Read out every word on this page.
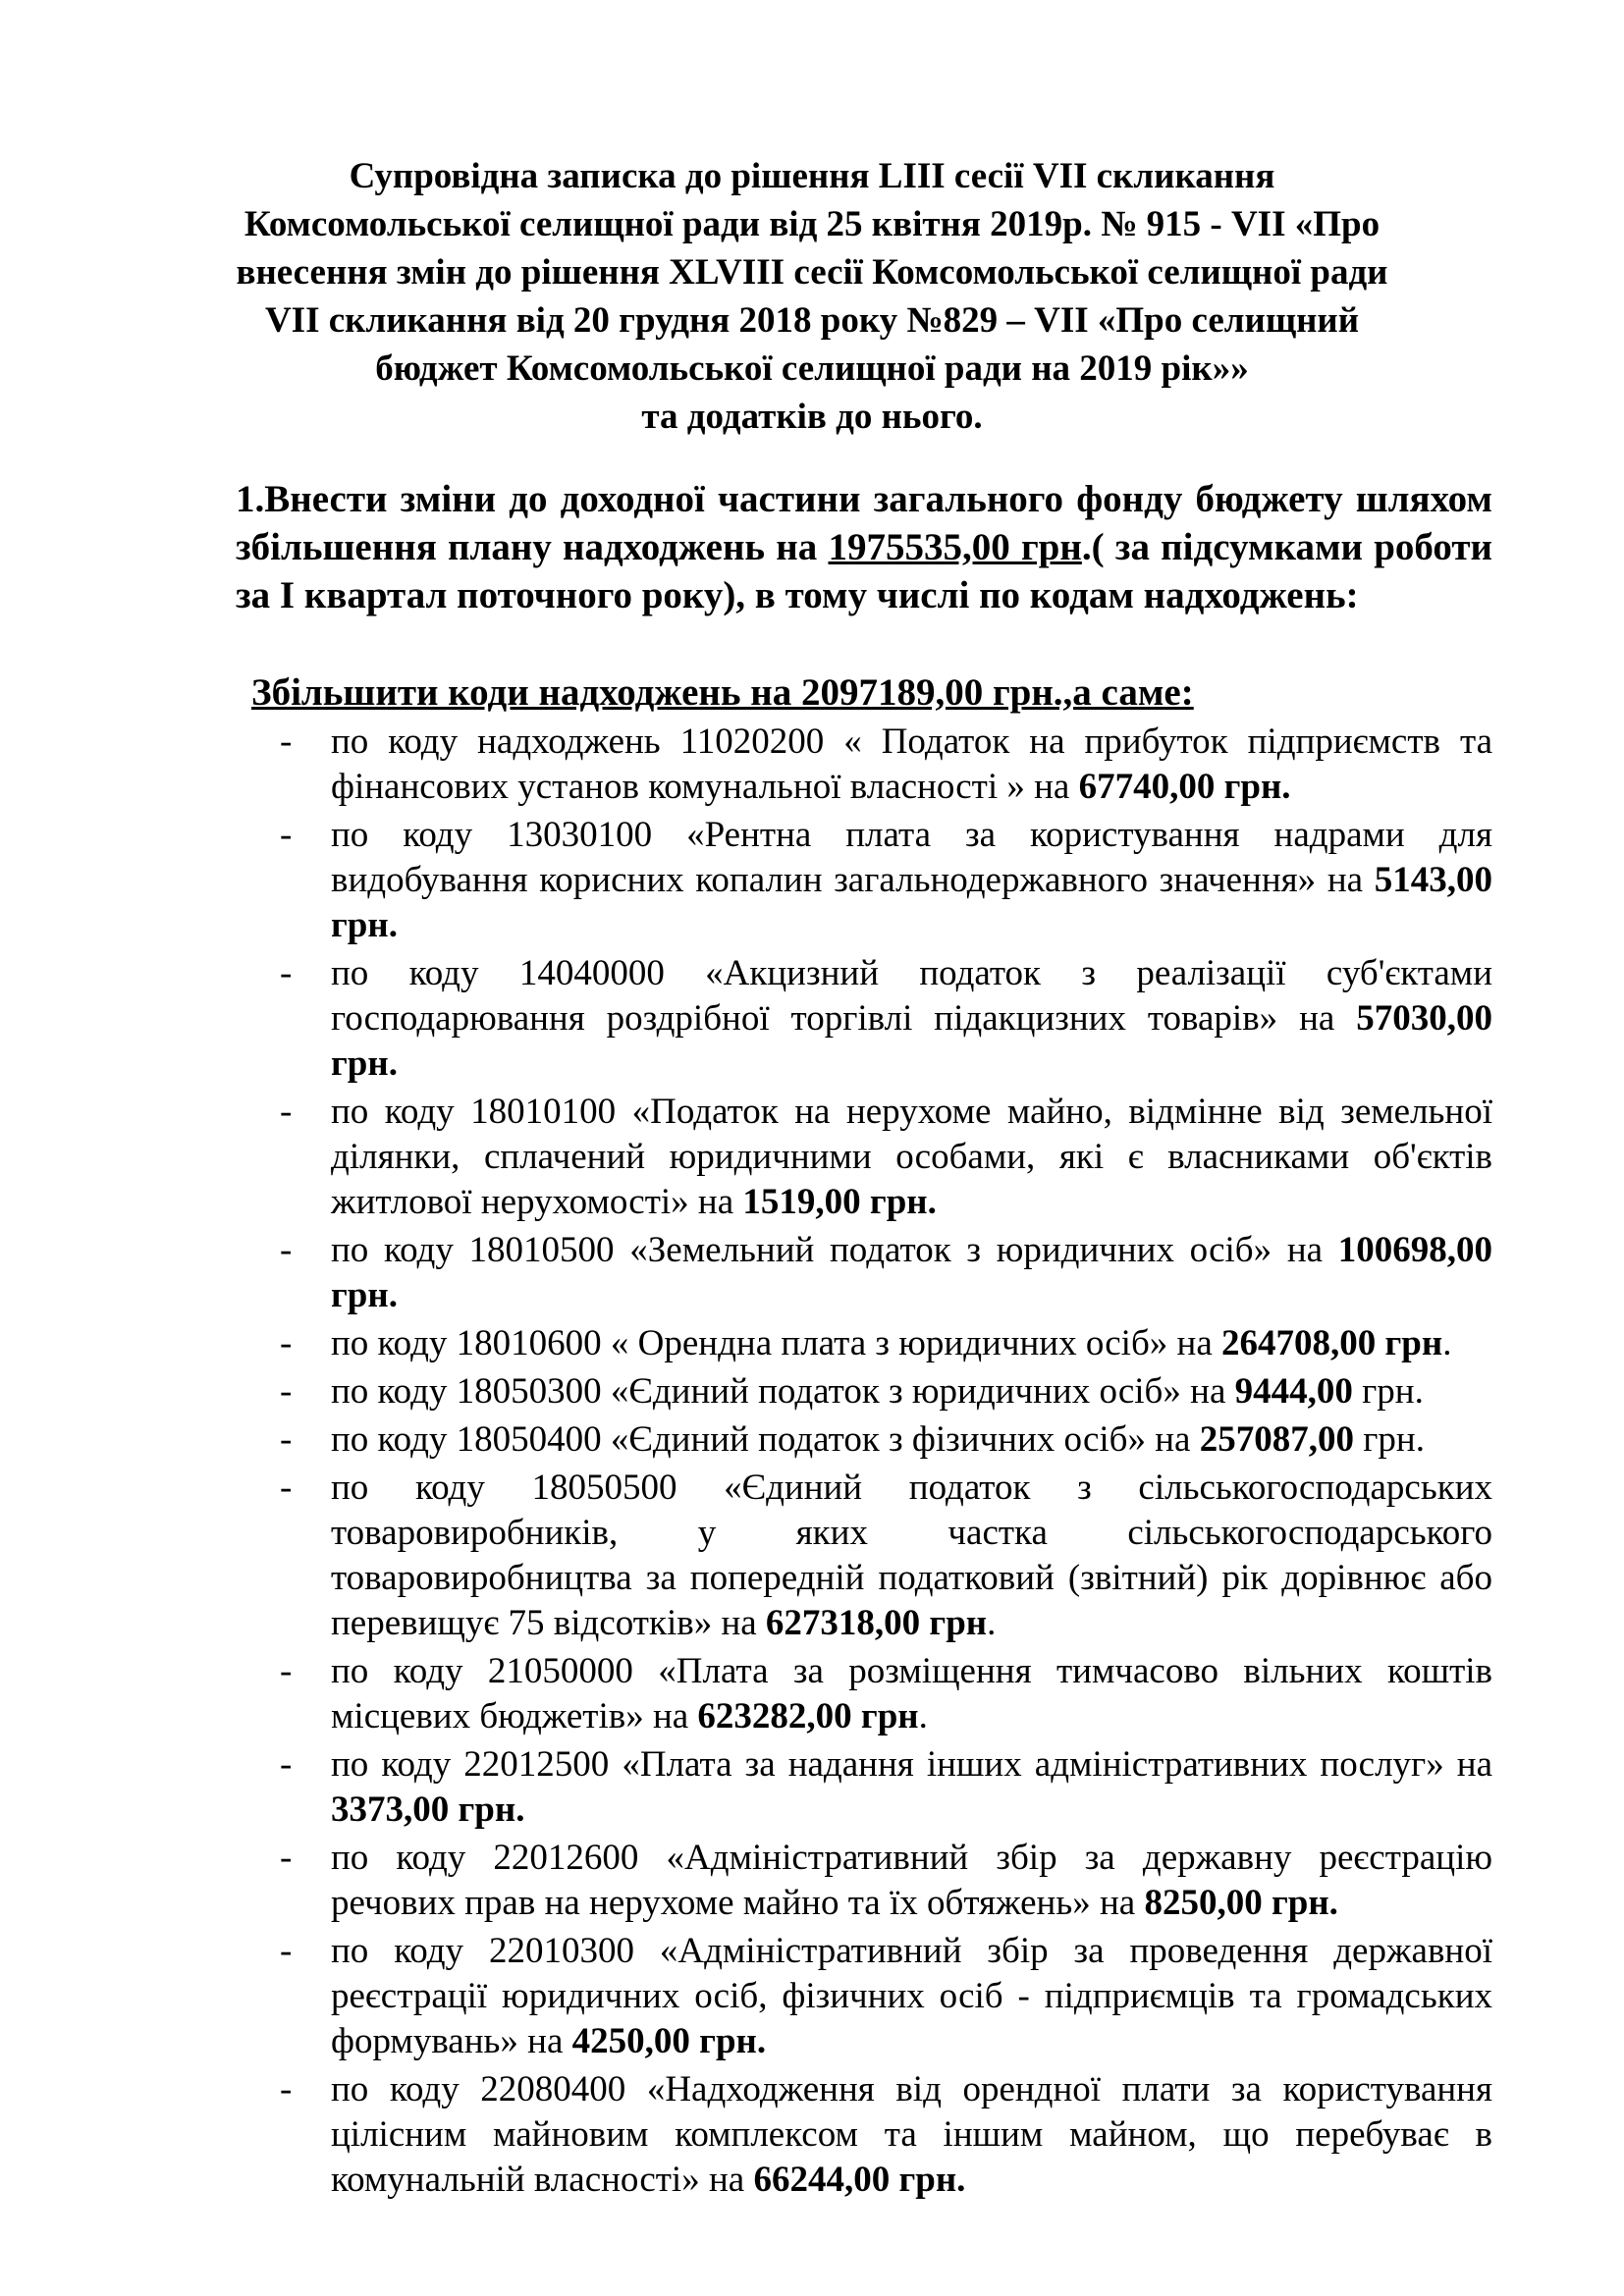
Супровідна записка до рішення LIII сесії VII скликання
Комсомольської селищної ради від 25 квітня 2019р. № 915 - VII «Про
внесення змін до рішення XLVIII сесії Комсомольської селищної ради
VII скликання від 20 грудня 2018 року №829 – VII «Про селищний
бюджет Комсомольської селищної ради на 2019 рік»»
та додатків до нього.

1.Внести зміни до доходної частини загального фонду бюджету шляхом збільшення плану надходжень на 1975535,00 грн.( за підсумками роботи за І квартал поточного року), в тому числі по кодам надходжень:

Збільшити коди надходжень на 2097189,00 грн.,а саме:
- по коду надходжень 11020200 « Податок на прибуток підприємств та фінансових установ комунальної власності » на 67740,00 грн.
- по коду 13030100 «Рентна плата за користування надрами для видобування корисних копалин загальнодержавного значення» на 5143,00 грн.
- по коду 14040000 «Акцизний податок з реалізації суб'єктами господарювання роздрібної торгівлі підакцизних товарів» на 57030,00 грн.
- по коду 18010100 «Податок на нерухоме майно, відмінне від земельної ділянки, сплачений юридичними особами, які є власниками об'єктів житлової нерухомості» на 1519,00 грн.
- по коду 18010500 «Земельний податок з юридичних осіб» на 100698,00 грн.
- по коду 18010600 « Орендна плата з юридичних осіб» на 264708,00 грн.
- по коду 18050300 «Єдиний податок з юридичних осіб» на 9444,00 грн.
- по коду 18050400 «Єдиний податок з фізичних осіб» на 257087,00 грн.
- по коду 18050500 «Єдиний податок з сільськогосподарських товаровиробників, у яких частка сільськогосподарського товаровиробництва за попередній податковий (звітний) рік дорівнює або перевищує 75 відсотків» на 627318,00 грн.
- по коду 21050000 «Плата за розміщення тимчасово вільних коштів місцевих бюджетів» на 623282,00 грн.
- по коду 22012500 «Плата за надання інших адміністративних послуг» на 3373,00 грн.
- по коду 22012600 «Адміністративний збір за державну реєстрацію речових прав на нерухоме майно та їх обтяжень» на 8250,00 грн.
- по коду 22010300 «Адміністративний збір за проведення державної реєстрації юридичних осіб, фізичних осіб - підприємців та громадських формувань» на 4250,00 грн.
- по коду 22080400 «Надходження від орендної плати за користування цілісним майновим комплексом та іншим майном, що перебуває в комунальній власності» на 66244,00 грн.
